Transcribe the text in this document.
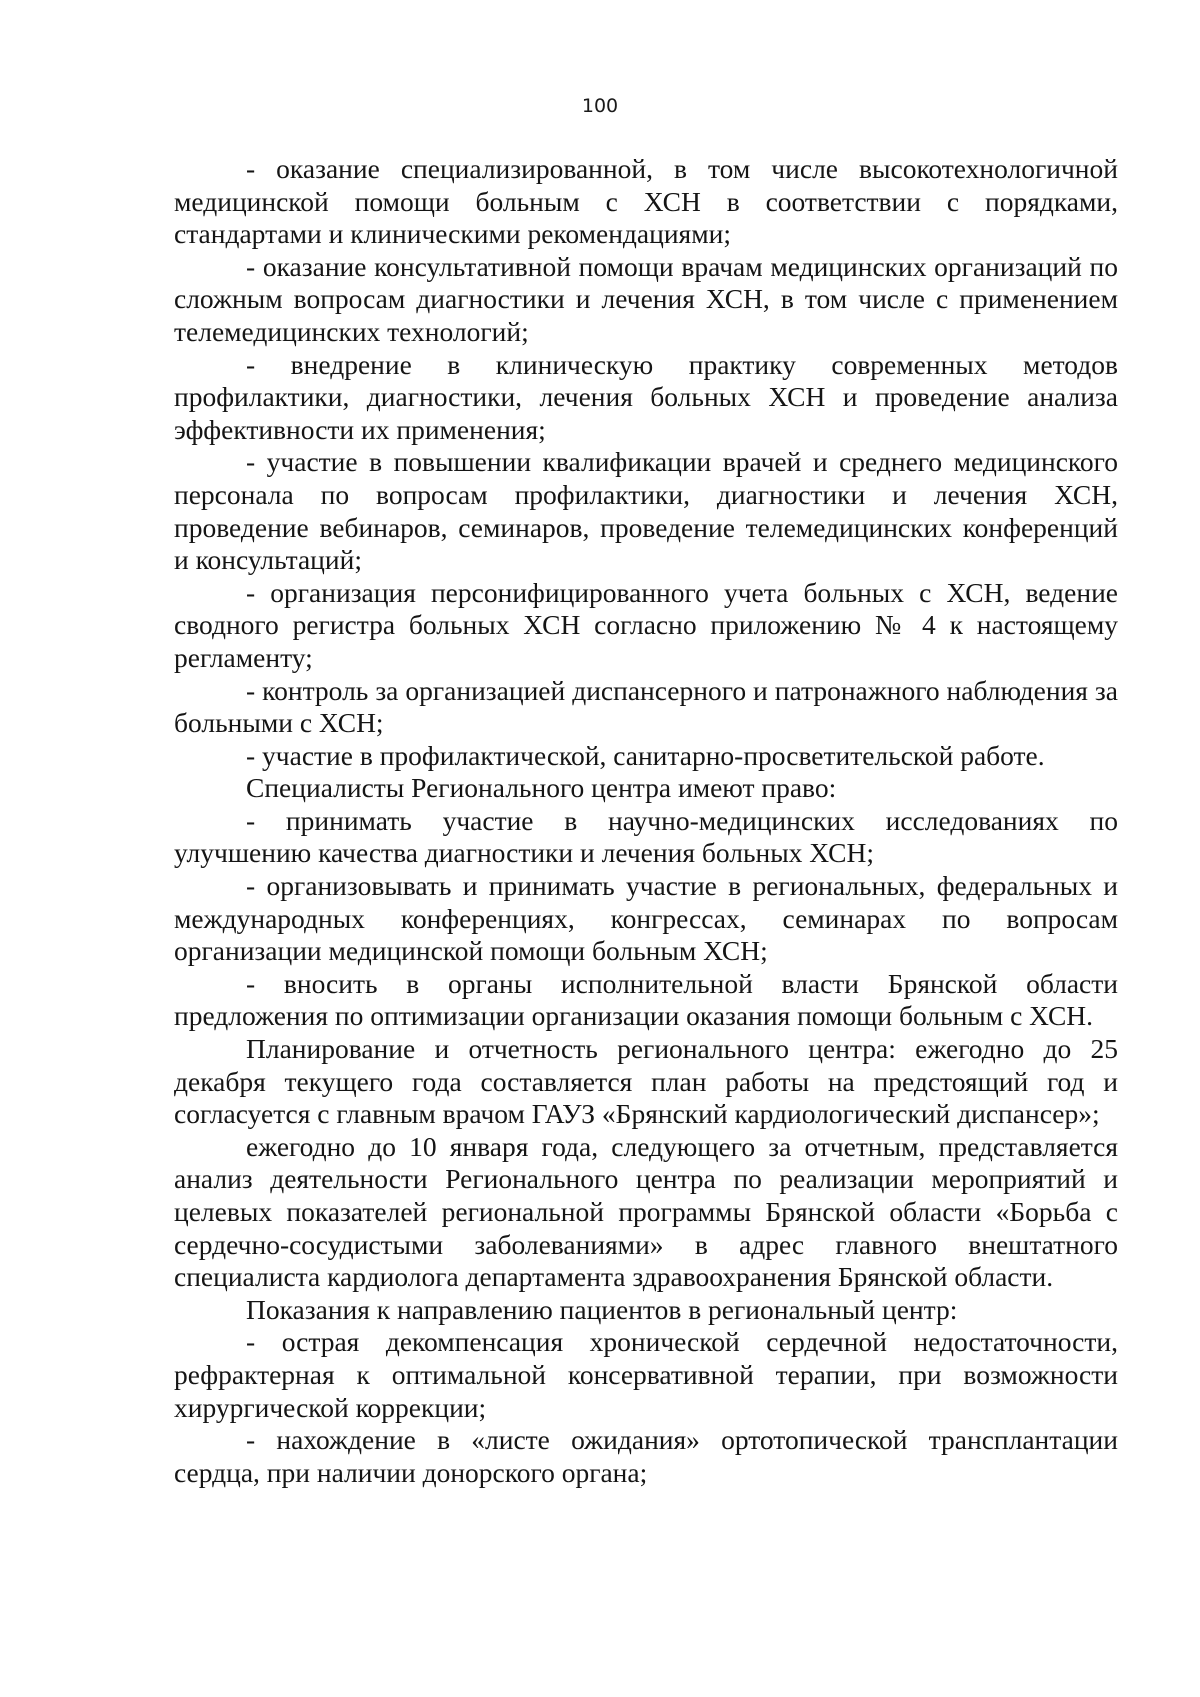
100

- оказание специализированной, в том числе высокотехнологичной медицинской помощи больным с ХСН в соответствии с порядками, стандартами и клиническими рекомендациями;

- оказание консультативной помощи врачам медицинских организаций по сложным вопросам диагностики и лечения ХСН, в том числе с применением телемедицинских технологий;

- внедрение в клиническую практику современных методов профилактики, диагностики, лечения больных ХСН и проведение анализа эффективности их применения;

- участие в повышении квалификации врачей и среднего медицинского персонала по вопросам профилактики, диагностики и лечения ХСН, проведение вебинаров, семинаров, проведение телемедицинских конференций и консультаций;

- организация персонифицированного учета больных с ХСН, ведение сводного регистра больных ХСН согласно приложению № 4 к настоящему регламенту;

- контроль за организацией диспансерного и патронажного наблюдения за больными с ХСН;

- участие в профилактической, санитарно-просветительской работе.

Специалисты Регионального центра имеют право:

- принимать участие в научно-медицинских исследованиях по улучшению качества диагностики и лечения больных ХСН;

- организовывать и принимать участие в региональных, федеральных и международных конференциях, конгрессах, семинарах по вопросам организации медицинской помощи больным ХСН;

- вносить в органы исполнительной власти Брянской области предложения по оптимизации организации оказания помощи больным с ХСН.

Планирование и отчетность регионального центра: ежегодно до 25 декабря текущего года составляется план работы на предстоящий год и согласуется с главным врачом ГАУЗ «Брянский кардиологический диспансер»;

ежегодно до 10 января года, следующего за отчетным, представляется анализ деятельности Регионального центра по реализации мероприятий и целевых показателей региональной программы Брянской области «Борьба с сердечно-сосудистыми заболеваниями» в адрес главного внештатного специалиста кардиолога департамента здравоохранения Брянской области.

Показания к направлению пациентов в региональный центр:

- острая декомпенсация хронической сердечной недостаточности, рефрактерная к оптимальной консервативной терапии, при возможности хирургической коррекции;

- нахождение в «листе ожидания» ортотопической трансплантации сердца, при наличии донорского органа;
